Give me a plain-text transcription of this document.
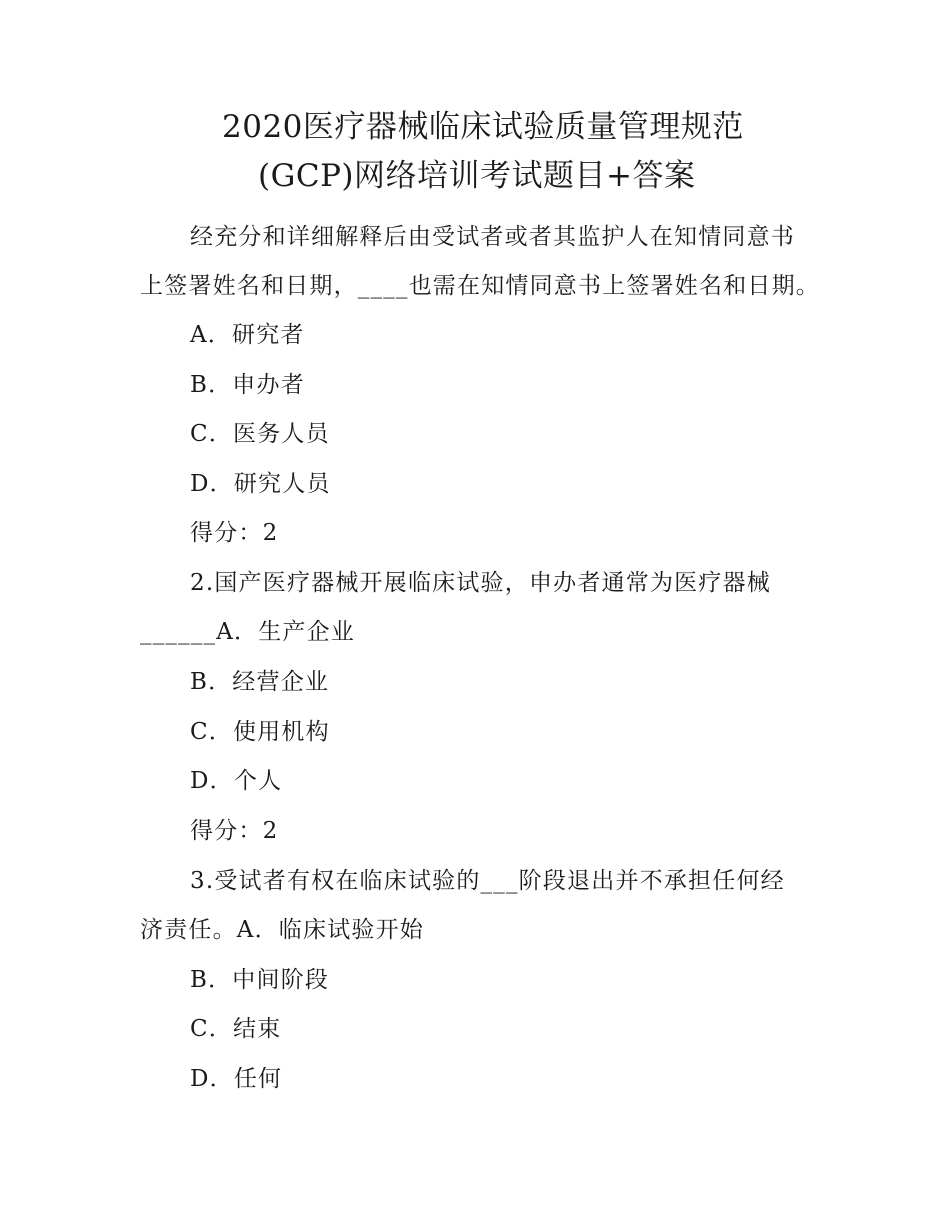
2020医疗器械临床试验质量管理规范
(GCP)网络培训考试题目+答案
经充分和详细解释后由受试者或者其监护人在知情同意书
上签署姓名和日期，____也需在知情同意书上签署姓名和日期。
A．研究者
B．申办者
C．医务人员
D．研究人员
得分：2
2.国产医疗器械开展临床试验，申办者通常为医疗器械
______A．生产企业
B．经营企业
C．使用机构
D．个人
得分：2
3.受试者有权在临床试验的___阶段退出并不承担任何经
济责任。A．临床试验开始
B．中间阶段
C．结束
D．任何
